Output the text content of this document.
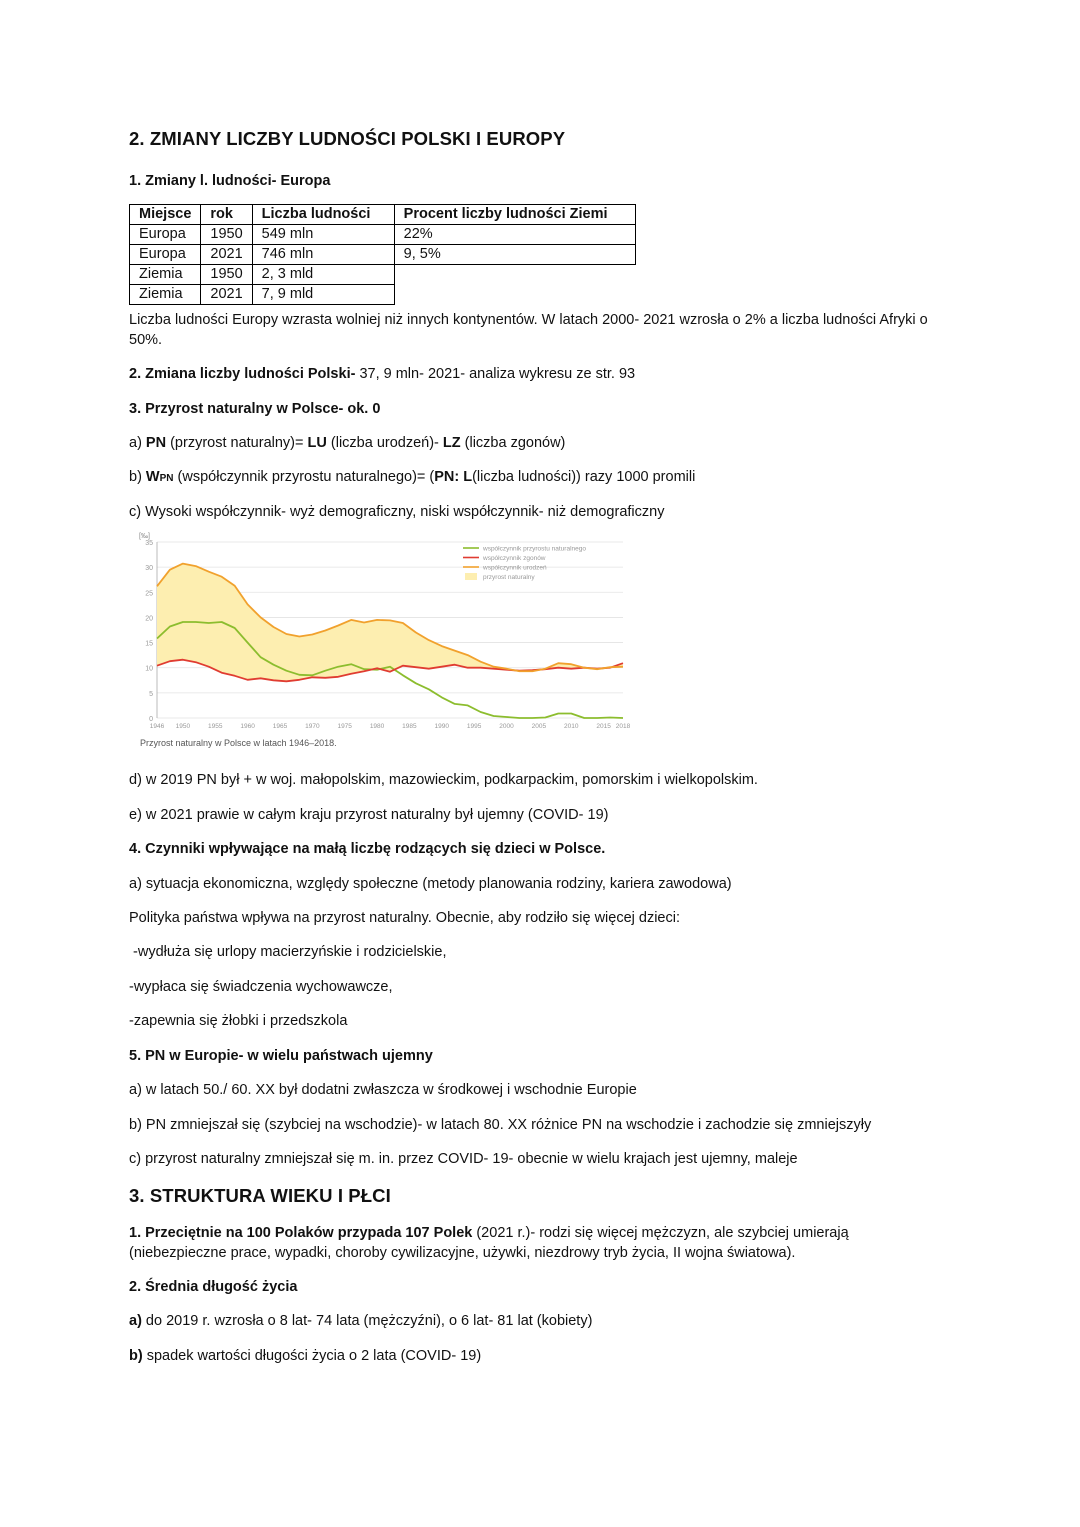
2. ZMIANY LICZBY LUDNOŚCI POLSKI I EUROPY
1. Zmiany l. ludności- Europa
Miejsce	rok	Liczba ludności	Procent liczby ludności Ziemi
Europa	1950	549 mln	22%
Europa	2021	746 mln	9, 5%
Ziemia	1950	2, 3 mld	
Ziemia	2021	7, 9 mld	
Liczba ludności Europy wzrasta wolniej niż innych kontynentów. W latach 2000- 2021 wzrosła o 2% a liczba ludności Afryki o 50%.
2. Zmiana liczby ludności Polski- 37, 9 mln- 2021- analiza wykresu ze str. 93
3. Przyrost naturalny w Polsce- ok. 0
a) PN (przyrost naturalny)= LU (liczba urodzeń)- LZ (liczba zgonów)
b) WPN (współczynnik przyrostu naturalnego)= (PN: L(liczba ludności)) razy 1000 promili
c) Wysoki współczynnik- wyż demograficzny, niski współczynnik- niż demograficzny
0
5
10
15
20
25
30
35
1946 1950	1955	1960	1965	1970	1975	1980	1985	1990	1995	2000	2005	2010	2015 2018
[‰]
współczynnik przyrostu naturalnego
współczynnik zgonów
współczynnik urodzeń
przyrost naturalny
Przyrost naturalny w Polsce w latach 1946–2018.
d) w 2019 PN był + w woj. małopolskim, mazowieckim, podkarpackim, pomorskim i wielkopolskim.
e) w 2021 prawie w całym kraju przyrost naturalny był ujemny (COVID- 19)
4. Czynniki wpływające na małą liczbę rodzących się dzieci w Polsce.
a) sytuacja ekonomiczna, względy społeczne (metody planowania rodziny, kariera zawodowa)
Polityka państwa wpływa na przyrost naturalny. Obecnie, aby rodziło się więcej dzieci:
-wydłuża się urlopy macierzyńskie i rodzicielskie,
-wypłaca się świadczenia wychowawcze,
-zapewnia się żłobki i przedszkola
5. PN w Europie- w wielu państwach ujemny
a) w latach 50./ 60. XX był dodatni zwłaszcza w środkowej i wschodnie Europie
b) PN zmniejszał się (szybciej na wschodzie)- w latach 80. XX różnice PN na wschodzie i zachodzie się zmniejszyły
c) przyrost naturalny zmniejszał się m. in. przez COVID- 19- obecnie w wielu krajach jest ujemny, maleje
3. STRUKTURA WIEKU I PŁCI
1. Przeciętnie na 100 Polaków przypada 107 Polek (2021 r.)- rodzi się więcej mężczyzn, ale szybciej umierają (niebezpieczne prace, wypadki, choroby cywilizacyjne, używki, niezdrowy tryb życia, II wojna światowa).
2. Średnia długość życia
a) do 2019 r. wzrosła o 8 lat- 74 lata (mężczyźni), o 6 lat- 81 lat (kobiety)
b) spadek wartości długości życia o 2 lata (COVID- 19)
